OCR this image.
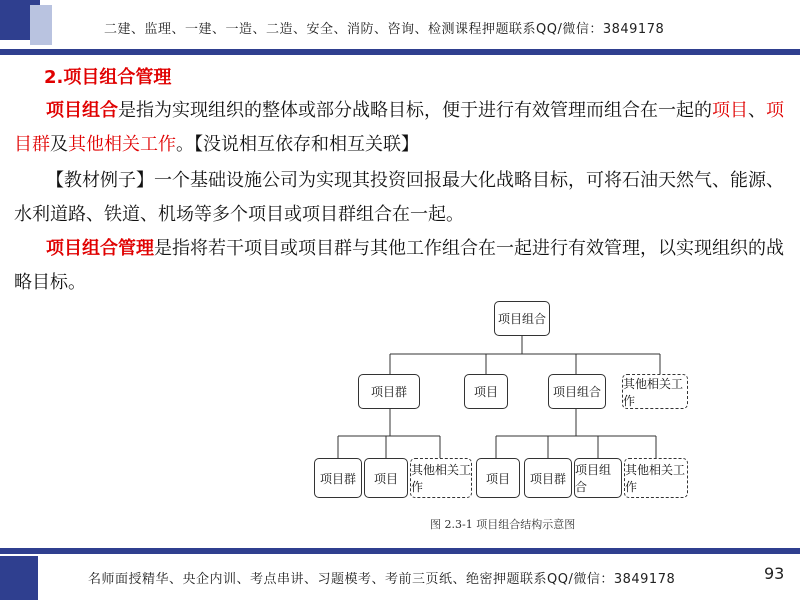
二建、监理、一建、一造、二造、安全、消防、咨询、检测课程押题联系QQ/微信：3849178
2.项目组合管理
项目组合是指为实现组织的整体或部分战略目标，便于进行有效管理而组合在一起的项目、项目群及其他相关工作。【没说相互依存和相互关联】
【教材例子】一个基础设施公司为实现其投资回报最大化战略目标，可将石油天然气、能源、水利道路、铁道、机场等多个项目或项目群组合在一起。
项目组合管理是指将若干项目或项目群与其他工作组合在一起进行有效管理，以实现组织的战略目标。
项目组合
项目群	项目	项目组合
其他相关工作
项目群	项目
其他相关工作
项目	项目群
项目组合
其他相关工作
图 2.3-1 项目组合结构示意图
名师面授精华、央企内训、考点串讲、习题模考、考前三页纸、绝密押题联系QQ/微信：3849178	93
